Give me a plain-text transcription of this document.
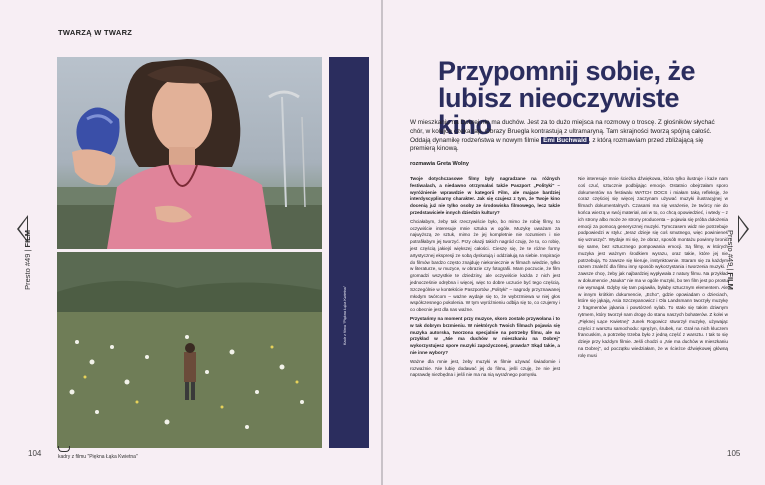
TWARZĄ W TWARZ
Kadr z filmu "Piękna Łąka Kwietna"
Presto #49 | FILM
104	kadry z filmu "Piękna Łąka Kwietna"
Przypomnij sobie, że lubisz nieoczywiste kino

W mieszkaniu na Dobrej nie ma duchów. Jest za to dużo miejsca na rozmowy o troscę. Z głośników słychać chór, w kolejce czeka rap. Obrazy Bruegla kontrastują z ultramaryną. Tam skrajności tworzą spójną całość. Oddają dynamikę rodzeństwa w nowym filmie Emi Buchwald , z którą rozmawiam przed zbliżającą się premierą kinową.

rozmawia Greta Wolny

Twoje dotychczasowe filmy były nagradzane na różnych festiwalach, a niedawno otrzymałaś także Paszport „Polityki" – wyróżnienie wprawdzie w kategorii Film, ale mające bardziej interdyscyplinarny charakter. Jak się czujesz z tym, że Twoje kino docenią już nie tylko osoby ze środowiska filmowego, lecz także przedstawiciele innych dziedzin kultury?

Chciałabym, żeby tak rzeczywiście było, bo mimo że robię filmy, to oczywiście interesuje mnie sztuka w ogóle. Muzykę uważam za najwyższą ze sztuk, mimo że jej kompletnie nie rozumiem i nie potrafiłabym jej tworzyć. Przy okazji takich nagród czuję, że to, co robię, jest częścią jakiejś większej całości. Cieszę się, że te różne formy artystycznej ekspresji ze sobą dyskutują i oddziałują na siebie. Inspiracje do filmów bardzo często znajduję niekoniecznie w filmach wiedzie, tylko w literaturze, w muzyce, w obrazie czy fotografii. Mam poczucie, że film gromadzi wszystkie te dziedziny, ale oczywiście każda z nich jest jednocześnie odrębna i więcej, więc to dobre uczucie być tego częścią. Szczególnie w kontekście Paszportów „Polityki" – nagrody przyznawanej młodym twórcom – ważne wydaje się to, że wybrzmiewa w niej głos współczesnego pokolenia. W tym wyróżnieniu odbija się to, co czujemy i co obecnie jest dla nas ważne.

Przystańmy na moment przy muzyce, skoro zostało przywołana i to w tak dobrym brzmieniu. W niektórych Twoich filmach pojawia się muzyka autorska, tworzona specjalnie na potrzeby filmu, ale na przykład w „Nie ma duchów w mieszkaniu na Dobrej" wykorzystujesz spore muzyki zapożyczonej, prawda? Skąd takie, a nie inne wybory?

Ważne dla mnie jest, żeby muzyki w filmie używać świadomie i rozważnie. Nie lubię dodawać jej do filmu, jeśli czuję, że nie jest naprawdę niezbędna i jeśli nie ma na nią wyraźnego pomysłu.

Nie interesuje mnie ścieżka dźwiękowa, która tylko ilustruje i każe nam coś czuć, sztucznie podbijając emocje. Ostatnio obejrzałam sporo dokumentów na festiwalu WATCH DOCS i miałam taką refleksję, że coraz częściej się więcej zaczynam używać muzyki ilustracyjnej w filmach dokumentalnych. Czasami ma się wrażenie, że twórcy nie do końca wierzą w swój materiał, ani w to, co chcą opowiedzieć, i wtedy – z ich strony albo może ze strony producenta – pojawia się próba dołożenia emocji za pomocą generycznej muzyki. Tymczasem widz nie potrzebuje podpowiedzi w stylu: „teraz dzieje się coś smutnego, więc powinieneś się wzruszyć". Wydaje mi się, że obraz, sposób montażu powinny bronić się same, bez sztucznego pompowania emocji. Są filmy, w których muzyka jest ważnym środkiem wyrazu, oraz takie, które jej nie potrzebują. To zawsze się kieruje, instynktownie. Staram się za każdym razem znaleźć dla filmu inny sposób wykorzystania i tworzenia muzyki. I zawsze chcę, żeby jak najbardziej wypływała z natury filmu. Na przykład w dokumencie „Nauka" nie ma w ogóle muzyki, bo ten film jest po prostu nie wymagał. Gdyby się tam pojawiła, byłaby sztucznym elementem. Ale w innym krótkim dokumencie, „Echo", gdzie opowiadam o dzieciach, które się jąkają, Asia Szczepanowicz i Ola Landsmann tworzyły muzykę z fragmentów jąkania i powtórzeń sylab. To stało się takim dziwnym rytmem, który tworzył nam drogę do stanu naszych bohaterów. Z kolei w „Pięknej Łące Kwietnej" Junek Rogowicz stworzył muzykę, używając części z warsztu samochodu: sprężyn, śrubek, rur. Grał na nich kluczem francuskim, a potrzebę trzeba było z jedną część z warsztu. I tak to się dzieje przy każdym filmie. Jeśli chodzi o „Nie ma duchów w mieszkaniu na Dobrej", od początku wiedziałam, że w ścieżce dźwiękowej główną rolę musi

Presto #49 | FILM
105
